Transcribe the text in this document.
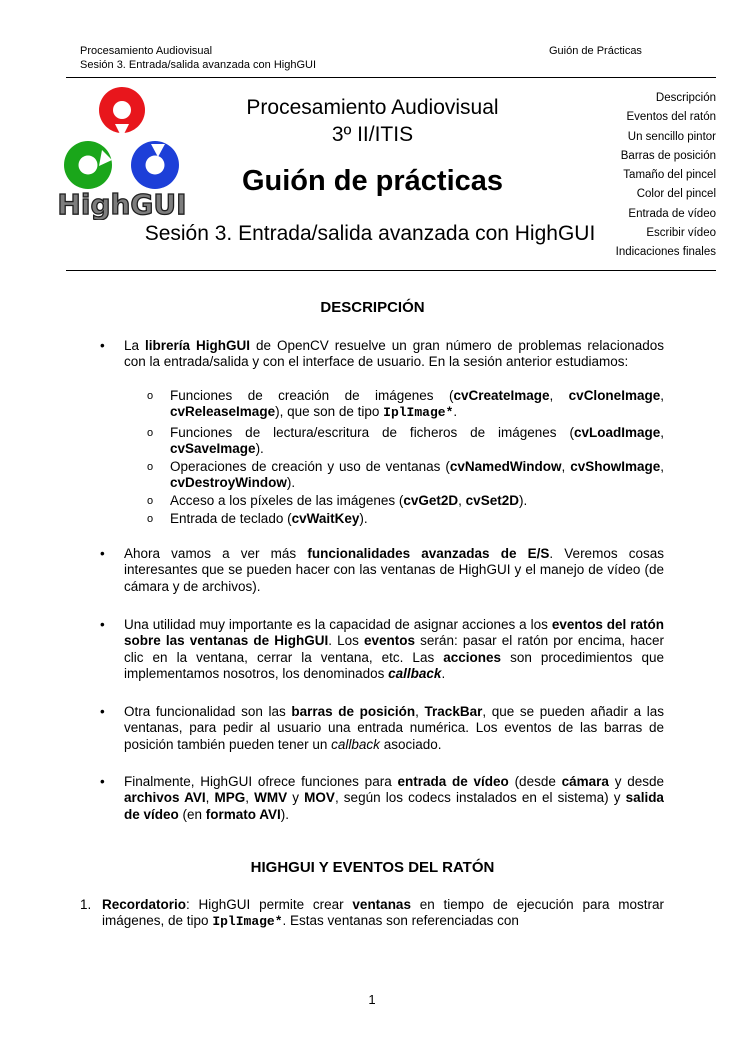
Procesamiento Audiovisual
Sesión 3. Entrada/salida avanzada con HighGUI
Guión de Prácticas
HighGUI
Procesamiento Audiovisual
3º II/ITIS
Guión de prácticas
Sesión 3. Entrada/salida avanzada con HighGUI
Descripción
Eventos del ratón
Un sencillo pintor
Barras de posición
Tamaño del pincel
Color del pincel
Entrada de vídeo
Escribir vídeo
Indicaciones finales
DESCRIPCIÓN
• La librería HighGUI de OpenCV resuelve un gran número de problemas relacionados con la entrada/salida y con el interface de usuario. En la sesión anterior estudiamos:
o Funciones de creación de imágenes (cvCreateImage, cvCloneImage, cvReleaseImage), que son de tipo IplImage*.
o Funciones de lectura/escritura de ficheros de imágenes (cvLoadImage, cvSaveImage).
o Operaciones de creación y uso de ventanas (cvNamedWindow, cvShowImage, cvDestroyWindow).
o Acceso a los píxeles de las imágenes (cvGet2D, cvSet2D).
o Entrada de teclado (cvWaitKey).
• Ahora vamos a ver más funcionalidades avanzadas de E/S. Veremos cosas interesantes que se pueden hacer con las ventanas de HighGUI y el manejo de vídeo (de cámara y de archivos).
• Una utilidad muy importante es la capacidad de asignar acciones a los eventos del ratón sobre las ventanas de HighGUI. Los eventos serán: pasar el ratón por encima, hacer clic en la ventana, cerrar la ventana, etc. Las acciones son procedimientos que implementamos nosotros, los denominados callback.
• Otra funcionalidad son las barras de posición, TrackBar, que se pueden añadir a las ventanas, para pedir al usuario una entrada numérica. Los eventos de las barras de posición también pueden tener un callback asociado.
• Finalmente, HighGUI ofrece funciones para entrada de vídeo (desde cámara y desde archivos AVI, MPG, WMV y MOV, según los codecs instalados en el sistema) y salida de vídeo (en formato AVI).
HIGHGUI Y EVENTOS DEL RATÓN
1. Recordatorio: HighGUI permite crear ventanas en tiempo de ejecución para mostrar imágenes, de tipo IplImage*. Estas ventanas son referenciadas con
1
